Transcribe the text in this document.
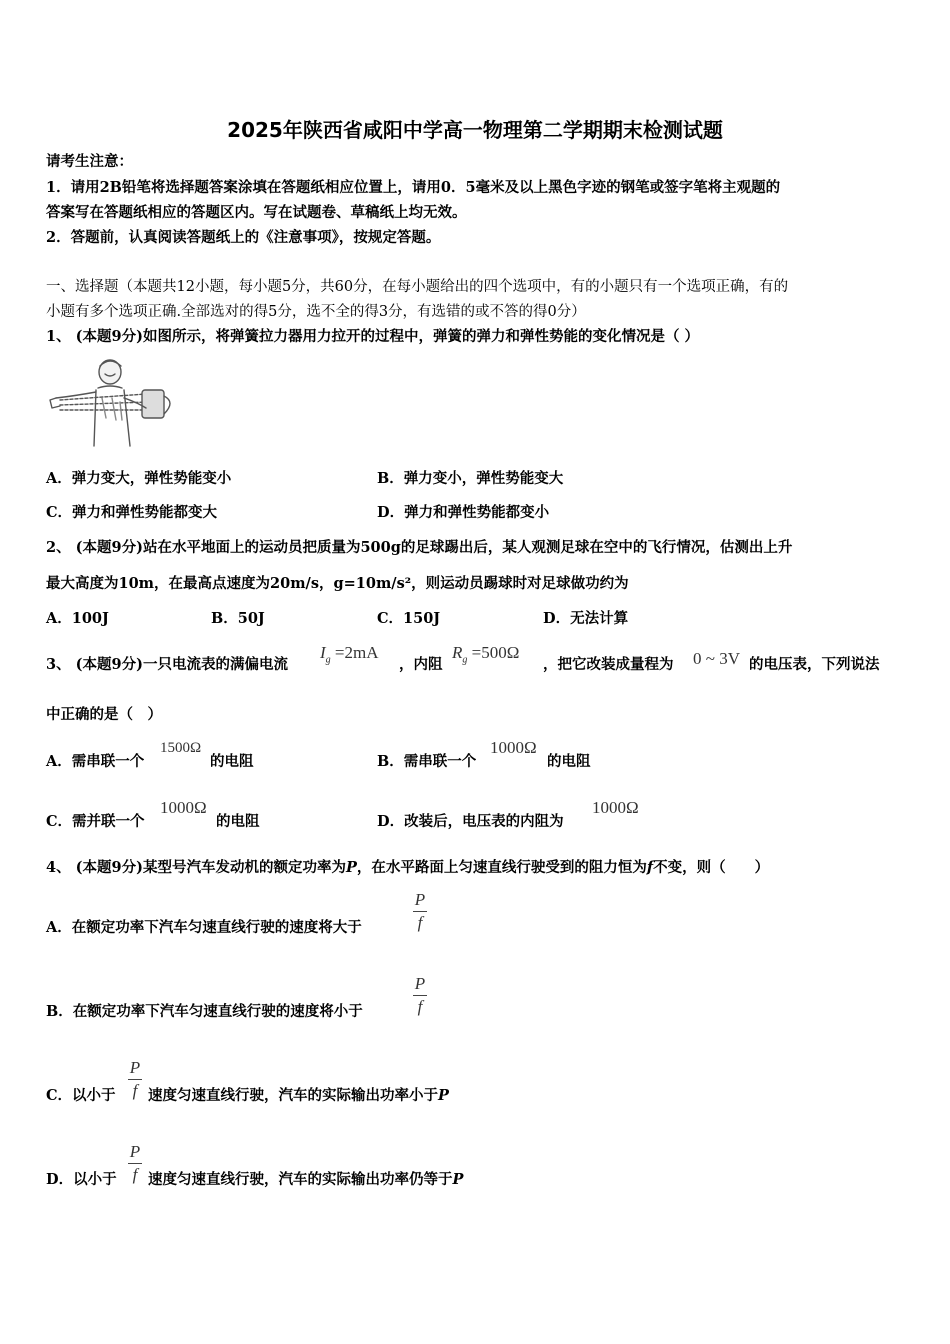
2025年陕西省咸阳中学高一物理第二学期期末检测试题
请考生注意：
1．请用2B铅笔将选择题答案涂填在答题纸相应位置上，请用0．5毫米及以上黑色字迹的钢笔或签字笔将主观题的
答案写在答题纸相应的答题区内。写在试题卷、草稿纸上均无效。
2．答题前，认真阅读答题纸上的《注意事项》，按规定答题。
一、选择题（本题共12小题，每小题5分，共60分，在每小题给出的四个选项中，有的小题只有一个选项正确，有的
小题有多个选项正确.全部选对的得5分，选不全的得3分，有选错的或不答的得0分）
1、 (本题9分)如图所示，将弹簧拉力器用力拉开的过程中，弹簧的弹力和弹性势能的变化情况是（ ）
A．弹力变大，弹性势能变小	B．弹力变小，弹性势能变大
C．弹力和弹性势能都变大	D．弹力和弹性势能都变小
2、 (本题9分)站在水平地面上的运动员把质量为500g的足球踢出后，某人观测足球在空中的飞行情况，估测出上升
最大高度为10m，在最高点速度为20m/s，g=10m/s²，则运动员踢球时对足球做功约为
A．100J	B．50J	C．150J	D．无法计算
3、 (本题9分)一只电流表的满偏电流
$I_g =2mA$
，内阻
$R_g =500\Omega$
，把它改装成量程为 0 ~ 3V 的电压表，下列说法
中正确的是（　）
A．需串联一个
1500Ω
的电阻	B．需串联一个
1000Ω
的电阻
C．需并联一个
1000Ω
的电阻	D．改装后，电压表的内阻为
1000Ω
4、 (本题9分)某型号汽车发动机的额定功率为P，在水平路面上匀速直线行驶受到的阻力恒为f不变，则（　　）
A．在额定功率下汽车匀速直线行驶的速度将大于
P
f
B．在额定功率下汽车匀速直线行驶的速度将小于
P
f
C．以小于
P
f 速度匀速直线行驶，汽车的实际输出功率小于P
D．以小于
P
f 速度匀速直线行驶，汽车的实际输出功率仍等于P
